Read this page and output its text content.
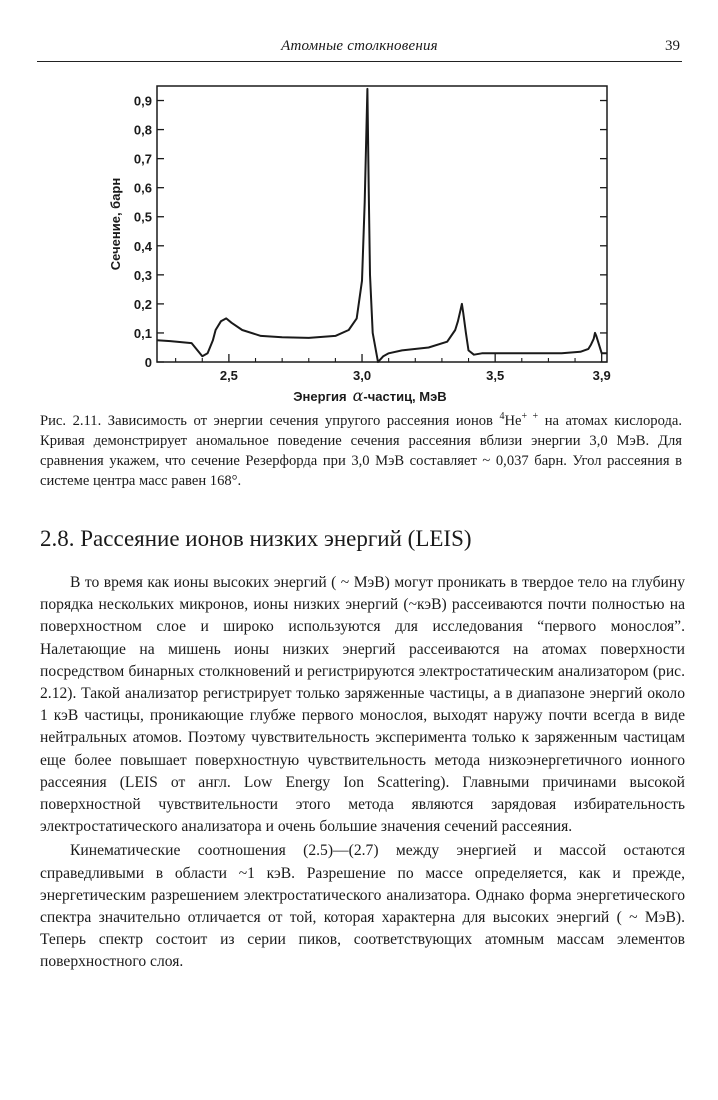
Атомные столкновения	39
0
0,1
0,2
0,3
0,4
0,5
0,6
0,7
0,8
0,9
2,5	3,0	3,5	3,9
Сечение, барн
Энергия α-частиц, МэВ
Рис. 2.11. Зависимость от энергии сечения упругого рассеяния ионов $^4$He+ + на атомах кислорода. Кривая демонстрирует аномальное поведение сечения рассеяния вблизи энергии 3,0 МэВ. Для сравнения укажем, что сечение Резерфорда при 3,0 МэВ составляет ~ 0,037 барн. Угол рассеяния в системе центра масс равен 168°.
2.8. Рассеяние ионов низких энергий (LEIS)

В то время как ионы высоких энергий ( ~ МэВ) могут проникать в твердое тело на глубину порядка нескольких микронов, ионы низких энергий (~кэВ) рассеиваются почти полностью на поверхностном слое и широко используются для исследования “первого монослоя”. Налетающие на мишень ионы низких энергий рассеиваются на атомах поверхности посредством бинарных столкновений и регистрируются электростатическим анализатором (рис. 2.12). Такой анализатор регистрирует только заряженные частицы, а в диапазоне энергий около 1 кэВ частицы, проникающие глубже первого монослоя, выходят наружу почти всегда в виде нейтральных атомов. Поэтому чувствительность эксперимента только к заряженным частицам еще более повышает поверхностную чувствительность метода низкоэнергетичного ионного рассеяния (LEIS от англ. Low Energy Ion Scattering). Главными причинами высокой поверхностной чувствительности этого метода являются зарядовая избирательность электростатического анализатора и очень большие значения сечений рассеяния.

Кинематические соотношения (2.5)—(2.7) между энергией и массой остаются справедливыми в области ~1 кэВ. Разрешение по массе определяется, как и прежде, энергетическим разрешением электростатического анализатора. Однако форма энергетического спектра значительно отличается от той, которая характерна для высоких энергий ( ~ МэВ). Теперь спектр состоит из серии пиков, соответствующих атомным массам элементов поверхностного слоя.
